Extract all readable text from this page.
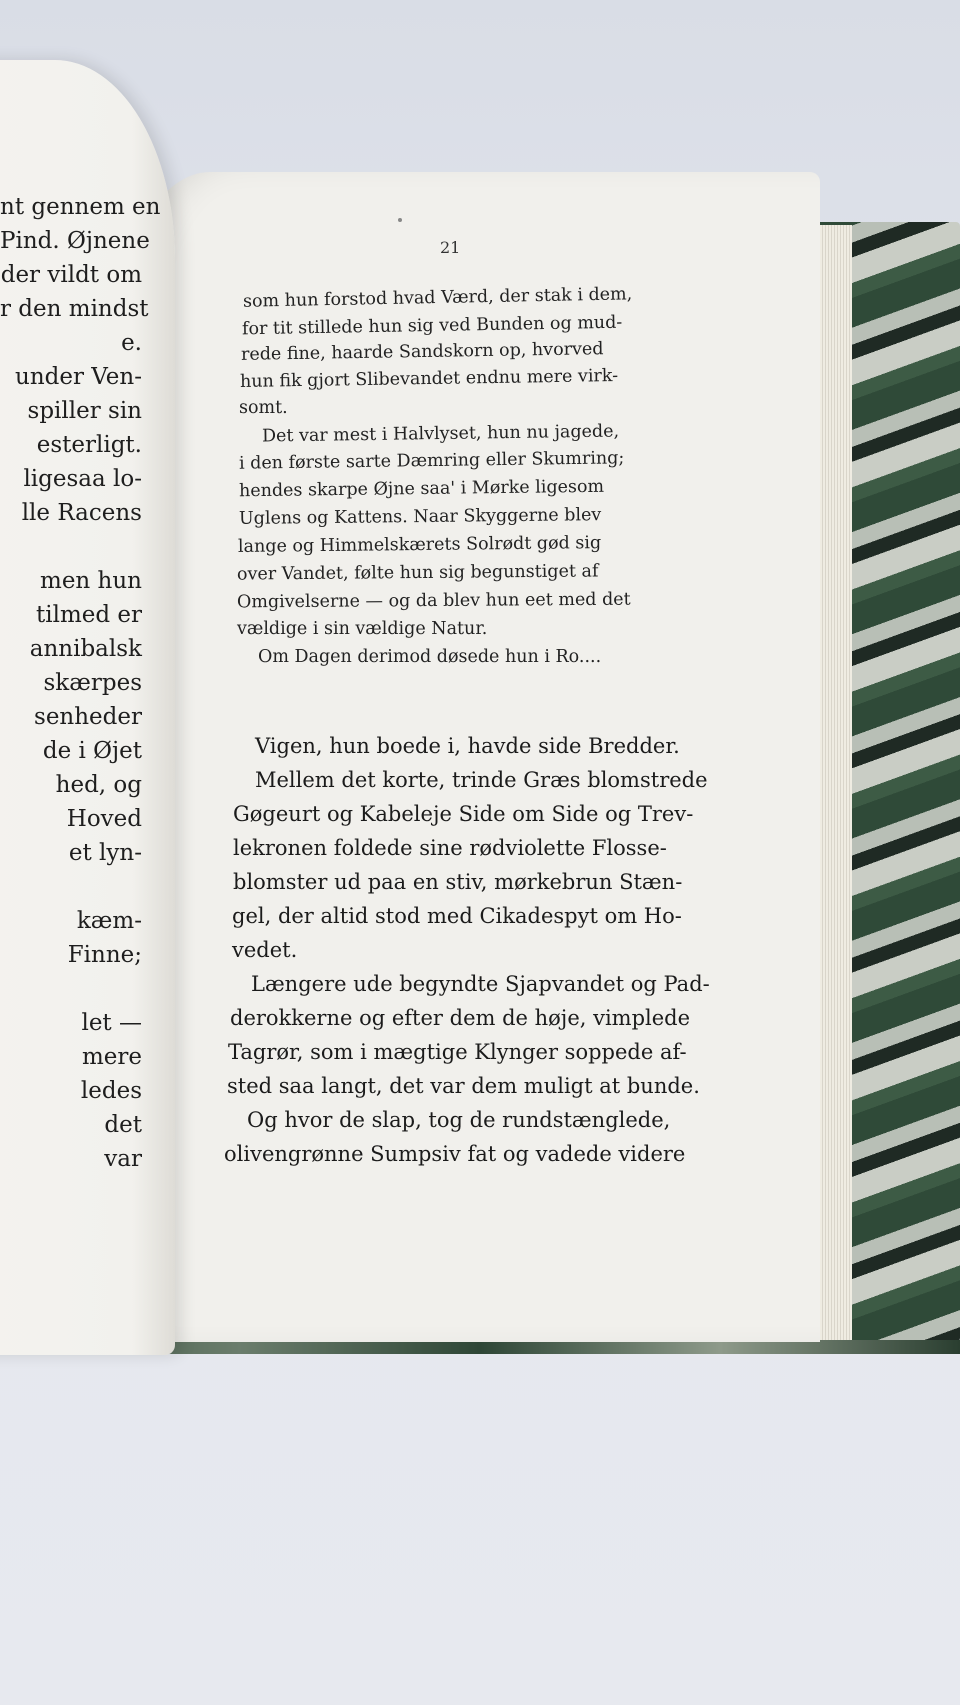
21
som hun forstod hvad Værd, der stak i dem,
for tit stillede hun sig ved Bunden og mud-
rede fine, haarde Sandskorn op, hvorved
hun fik gjort Slibevandet endnu mere virk-
somt.
Det var mest i Halvlyset, hun nu jagede,
i den første sarte Dæmring eller Skumring;
hendes skarpe Øjne saa' i Mørke ligesom
Uglens og Kattens. Naar Skyggerne blev
lange og Himmelskærets Solrødt gød sig
over Vandet, følte hun sig begunstiget af
Omgivelserne — og da blev hun eet med det
vældige i sin vældige Natur.
Om Dagen derimod døsede hun i Ro....
Vigen, hun boede i, havde side Bredder.
Mellem det korte, trinde Græs blomstrede
Gøgeurt og Kabeleje Side om Side og Trev-
lekronen foldede sine rødviolette Flosse-
blomster ud paa en stiv, mørkebrun Stæn-
gel, der altid stod med Cikadespyt om Ho-
vedet.
Længere ude begyndte Sjapvandet og Pad-
derokkerne og efter dem de høje, vimplede
Tagrør, som i mægtige Klynger soppede af-
sted saa langt, det var dem muligt at bunde.
Og hvor de slap, tog de rundstænglede,
olivengrønne Sumpsiv fat og vadede videre
nt gennem en
Pind. Øjnene
der vildt om
r den mindst
e.
under Ven-
spiller sin
esterligt.
ligesaa lo-
lle Racens

men hun
tilmed er
annibalsk
skærpes
senheder
de i Øjet
hed, og
Hoved
et lyn-

kæm-
Finne;

let —
mere
ledes
det
var
